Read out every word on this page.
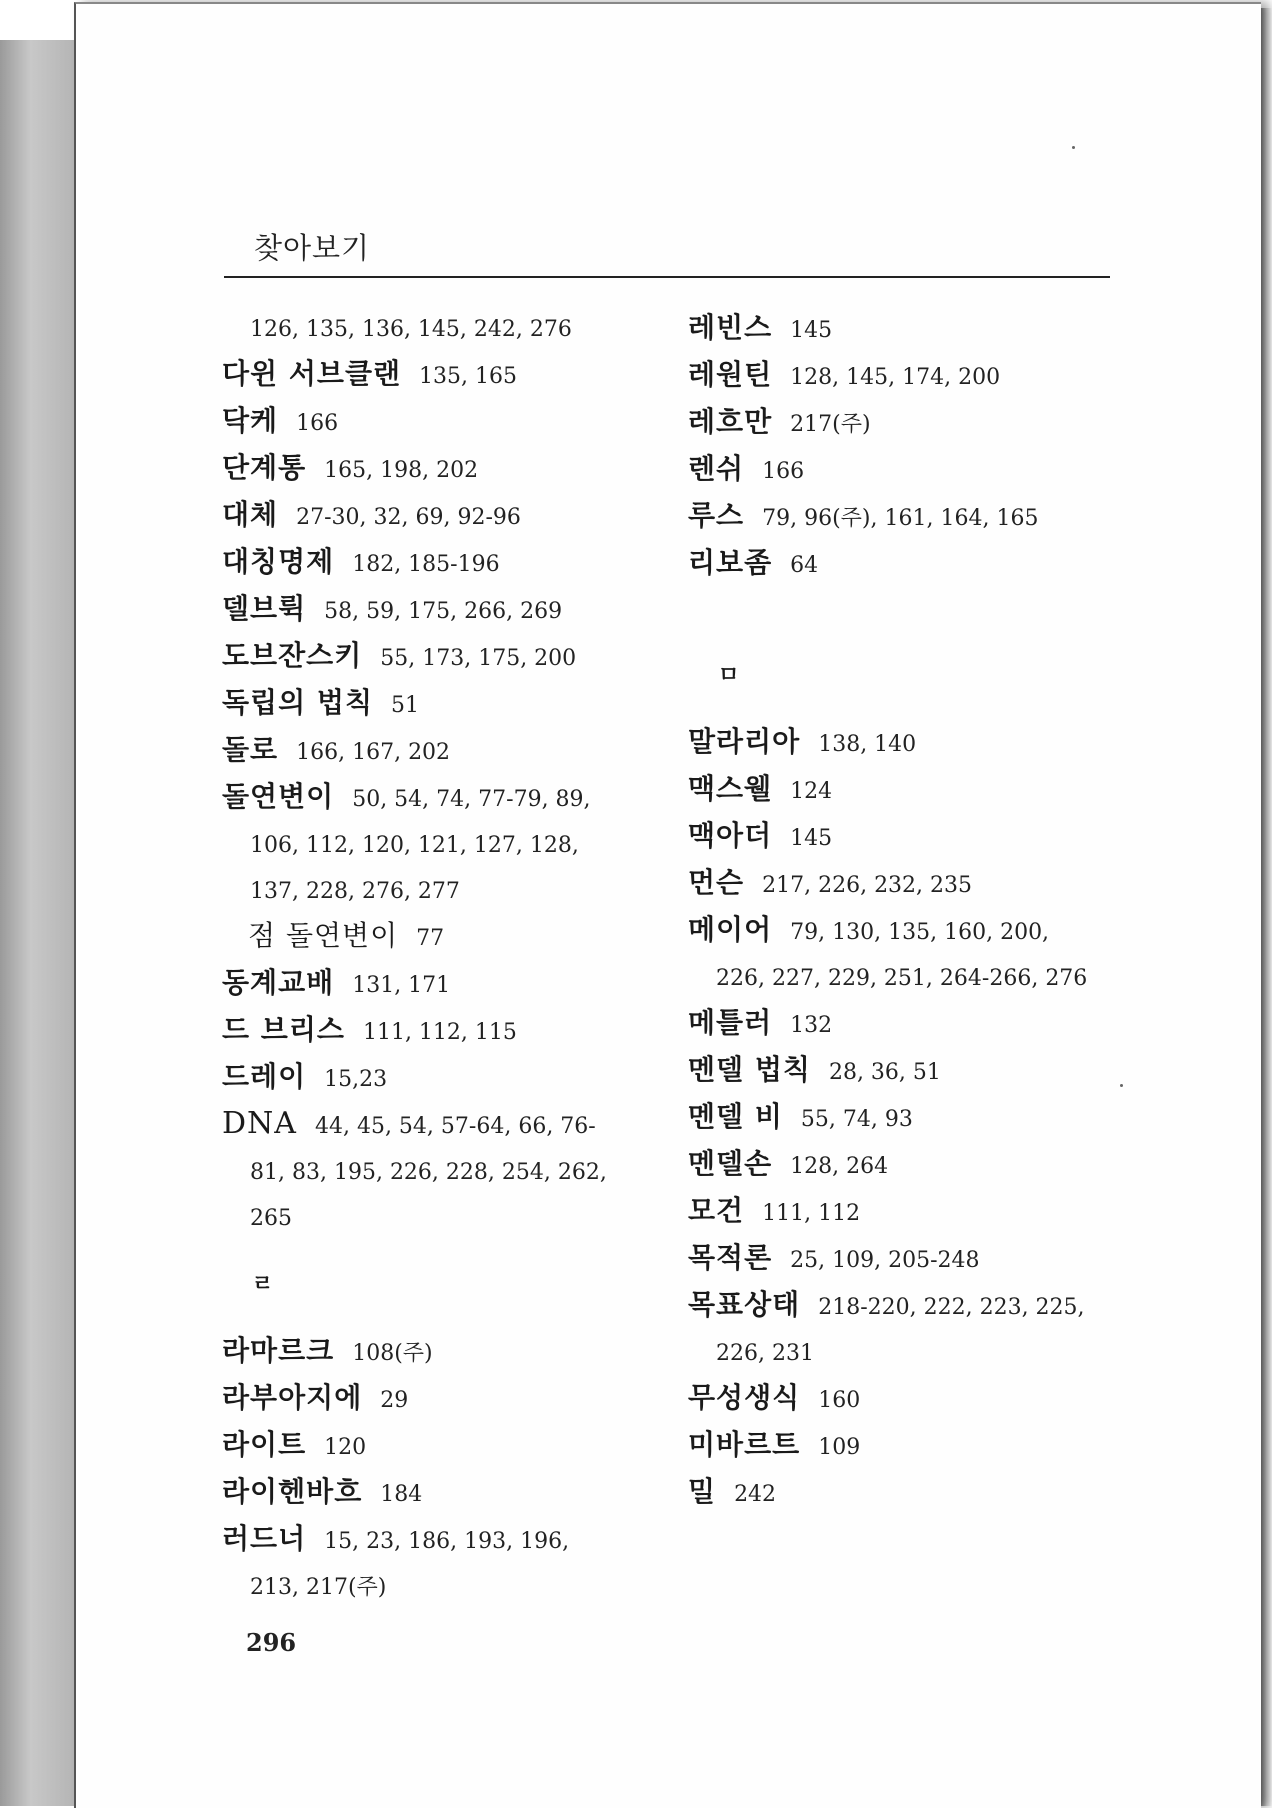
찾아보기
126, 135, 136, 145, 242, 276
다윈 서브클랜 135, 165
닥케 166
단계통 165, 198, 202
대체 27-30, 32, 69, 92-96
대칭명제 182, 185-196
델브뤽 58, 59, 175, 266, 269
도브잔스키 55, 173, 175, 200
독립의 법칙 51
돌로 166, 167, 202
돌연변이 50, 54, 74, 77-79, 89,
106, 112, 120, 121, 127, 128,
137, 228, 276, 277
점 돌연변이 77
동계교배 131, 171
드 브리스 111, 112, 115
드레이 15,23
DNA 44, 45, 54, 57-64, 66, 76-
81, 83, 195, 226, 228, 254, 262,
265
ㄹ
라마르크 108(주)
라부아지에 29
라이트 120
라이헨바흐 184
러드너 15, 23, 186, 193, 196,
213, 217(주)
레빈스 145
레원틴 128, 145, 174, 200
레흐만 217(주)
렌쉬 166
루스 79, 96(주), 161, 164, 165
리보좀 64
ㅁ
말라리아 138, 140
맥스웰 124
맥아더 145
먼슨 217, 226, 232, 235
메이어 79, 130, 135, 160, 200,
226, 227, 229, 251, 264-266, 276
메틀러 132
멘델 법칙 28, 36, 51
멘델 비 55, 74, 93
멘델손 128, 264
모건 111, 112
목적론 25, 109, 205-248
목표상태 218-220, 222, 223, 225,
226, 231
무성생식 160
미바르트 109
밀 242
296
